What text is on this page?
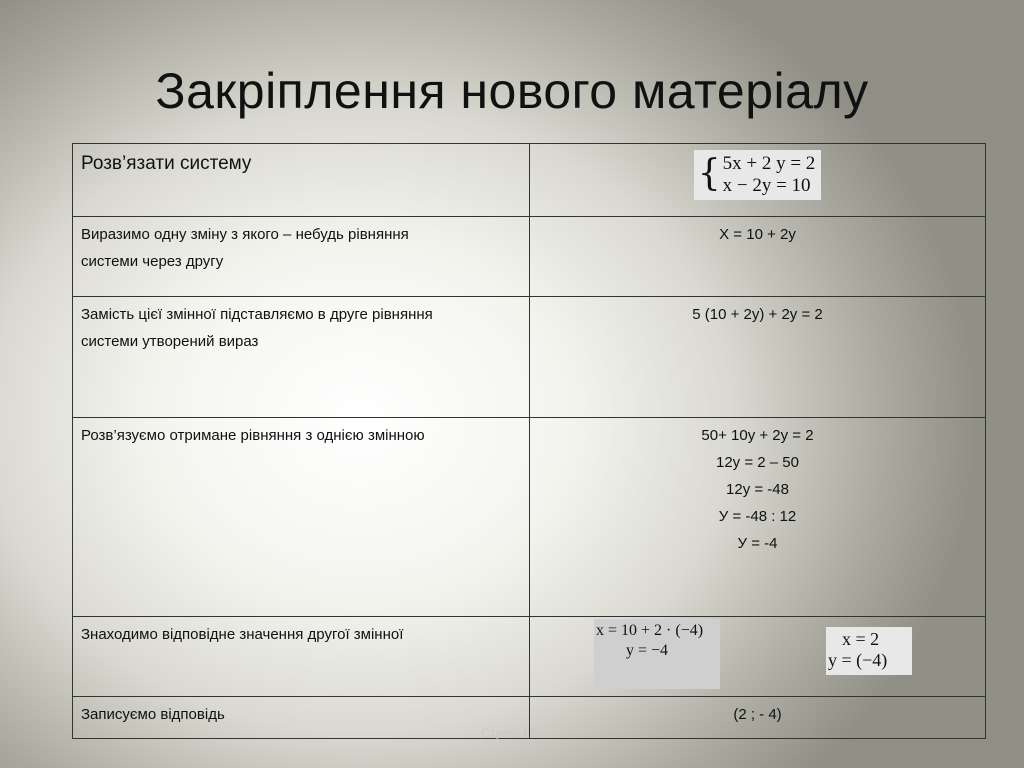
Закріплення нового матеріалу
Розв’язати систему	{ 5x + 2 y = 2
x − 2y = 10

Виразимо одну зміну з якого – небудь рівняння
системи через другу	X = 10 + 2y

Замість цієї змінної підставляємо в друге рівняння
системи утворений вираз	5 (10 + 2y) + 2y = 2
Розв’язуємо отримане рівняння з однією змінною	50+ 10y + 2y = 2
12y = 2 – 50
12y = -48
У = -48 : 12
У = -4

Знаходимо відповідне значення другої змінної	x = 10 + 2 · (−4)
y = −4
x = 2
y = (−4)

Записуємо відповідь	(2 ; - 4)
Стукан І.О.
